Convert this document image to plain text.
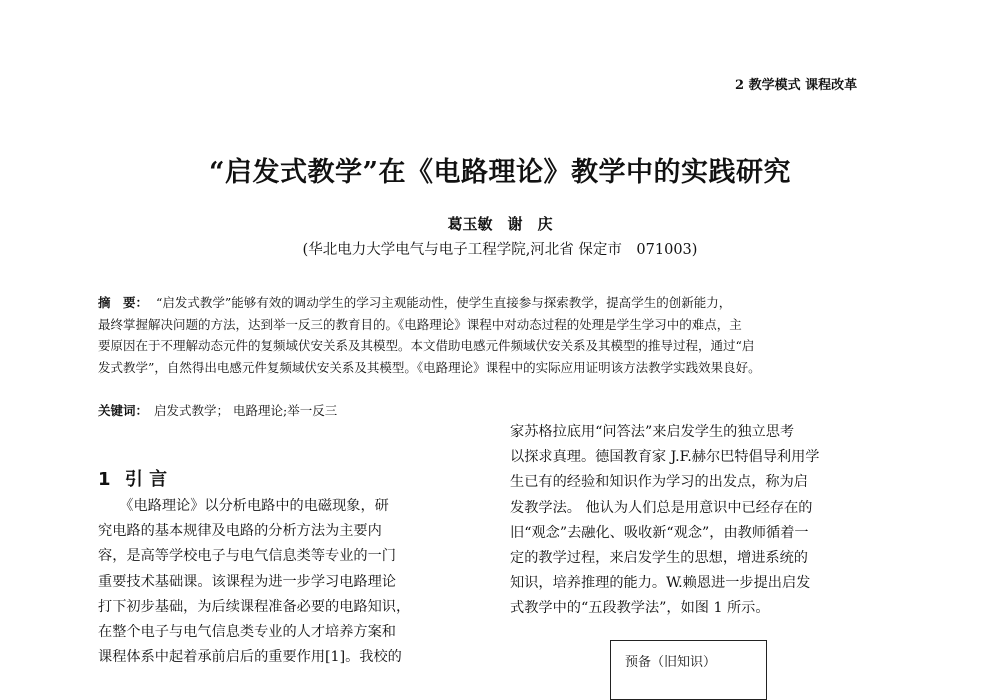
2 教学模式 课程改革
“启发式教学”在《电路理论》教学中的实践研究
葛玉敏　谢　庆
(华北电力大学电气与电子工程学院,河北省 保定市　071003)
摘　要： “启发式教学”能够有效的调动学生的学习主观能动性，使学生直接参与探索教学，提高学生的创新能力，
最终掌握解决问题的方法，达到举一反三的教育目的。《电路理论》课程中对动态过程的处理是学生学习中的难点，主
要原因在于不理解动态元件的复频域伏安关系及其模型。本文借助电感元件频域伏安关系及其模型的推导过程，通过“启
发式教学”，自然得出电感元件复频域伏安关系及其模型。《电路理论》课程中的实际应用证明该方法教学实践效果良好。
关键词： 启发式教学； 电路理论;举一反三
1 引 言
　　《电路理论》以分析电路中的电磁现象，研
究电路的基本规律及电路的分析方法为主要内
容，是高等学校电子与电气信息类等专业的一门
重要技术基础课。该课程为进一步学习电路理论
打下初步基础，为后续课程准备必要的电路知识，
在整个电子与电气信息类专业的人才培养方案和
课程体系中起着承前启后的重要作用[1]。我校的
家苏格拉底用“问答法”来启发学生的独立思考
以探求真理。德国教育家 J.F.赫尔巴特倡导利用学
生已有的经验和知识作为学习的出发点，称为启
发教学法。 他认为人们总是用意识中已经存在的
旧“观念”去融化、吸收新“观念”，由教师循着一
定的教学过程，来启发学生的思想，增进系统的
知识，培养推理的能力。W.赖恩进一步提出启发
式教学中的“五段教学法”，如图 1 所示。
预备（旧知识）
